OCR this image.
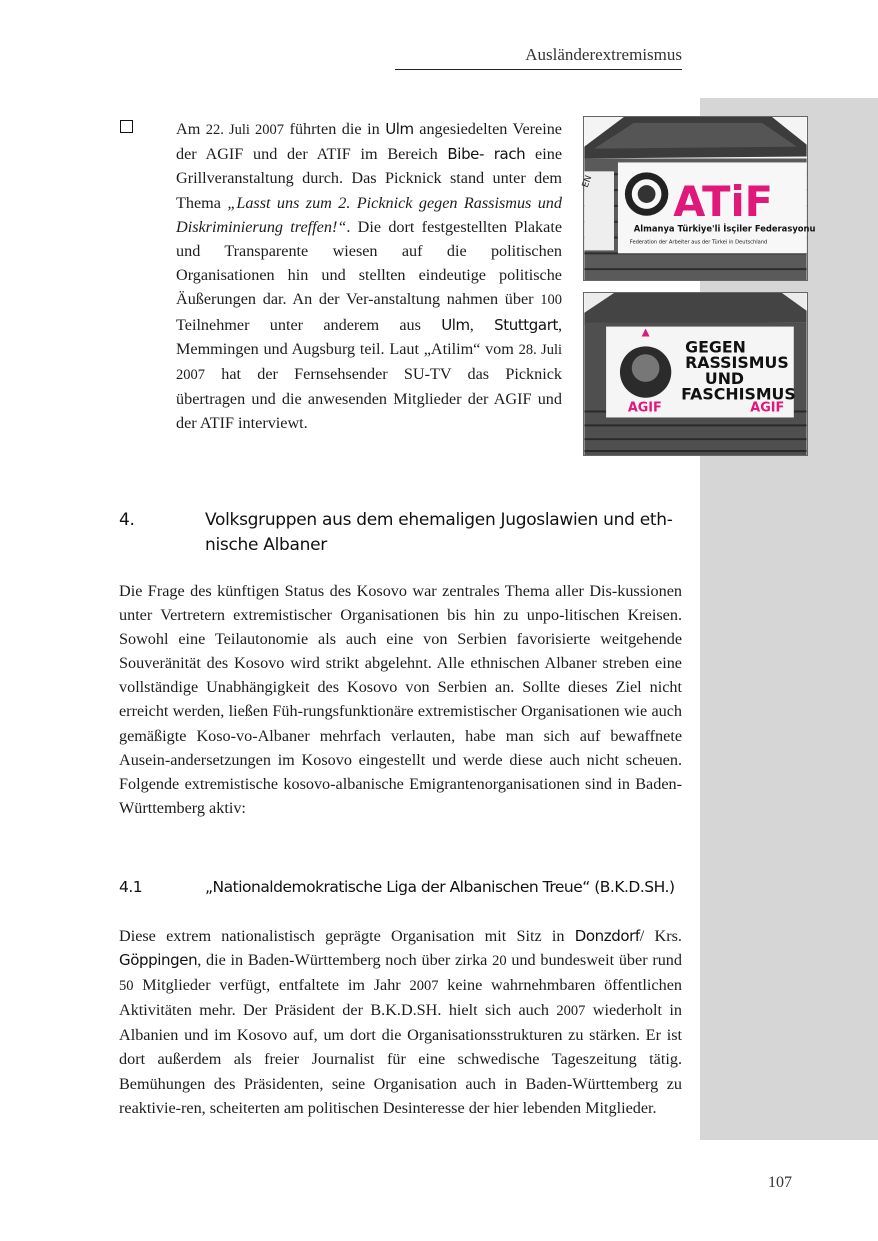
Ausländerextremismus
Am 22. Juli 2007 führten die in Ulm angesiedelten Vereine der AGIF und der ATIF im Bereich Bibe- rach eine Grillveranstaltung durch. Das Picknick stand unter dem Thema „Lasst uns zum 2. Picknick gegen Rassismus und Diskriminierung treffen!“. Die dort festgestellten Plakate und Transparente wiesen auf die politischen Organisationen hin und stellten eindeutige politische Äußerungen dar. An der Ver-anstaltung nahmen über 100 Teilnehmer unter anderem aus Ulm, Stuttgart, Memmingen und Augsburg teil. Laut „Atilim“ vom 28. Juli 2007 hat der Fernsehsender SU-TV das Picknick übertragen und die anwesenden Mitglieder der AGIF und der ATIF interviewt.
EN ATiF
Almanya Türkiye'li İsçiler Federasyonu
Federation der Arbeiter aus der Türkei in Deutschland
GEGEN
RASSISMUS
UND
FASCHISMUS
AGIF	AGIF
4.	Volksgruppen aus dem ehemaligen Jugoslawien und eth-nische Albaner
Die Frage des künftigen Status des Kosovo war zentrales Thema aller Dis-kussionen unter Vertretern extremistischer Organisationen bis hin zu unpo-litischen Kreisen. Sowohl eine Teilautonomie als auch eine von Serbien favorisierte weitgehende Souveränität des Kosovo wird strikt abgelehnt. Alle ethnischen Albaner streben eine vollständige Unabhängigkeit des Kosovo von Serbien an. Sollte dieses Ziel nicht erreicht werden, ließen Füh-rungsfunktionäre extremistischer Organisationen wie auch gemäßigte Koso-vo-Albaner mehrfach verlauten, habe man sich auf bewaffnete Ausein-andersetzungen im Kosovo eingestellt und werde diese auch nicht scheuen. Folgende extremistische kosovo-albanische Emigrantenorganisationen sind in Baden-Württemberg aktiv:
4.1	„Nationaldemokratische Liga der Albanischen Treue“ (B.K.D.SH.)
Diese extrem nationalistisch geprägte Organisation mit Sitz in Donzdorf/ Krs. Göppingen, die in Baden-Württemberg noch über zirka 20 und bundesweit über rund 50 Mitglieder verfügt, entfaltete im Jahr 2007 keine wahrnehmbaren öffentlichen Aktivitäten mehr. Der Präsident der B.K.D.SH. hielt sich auch 2007 wiederholt in Albanien und im Kosovo auf, um dort die Organisationsstrukturen zu stärken. Er ist dort außerdem als freier Journalist für eine schwedische Tageszeitung tätig. Bemühungen des Präsidenten, seine Organisation auch in Baden-Württemberg zu reaktivie-ren, scheiterten am politischen Desinteresse der hier lebenden Mitglieder.
107
